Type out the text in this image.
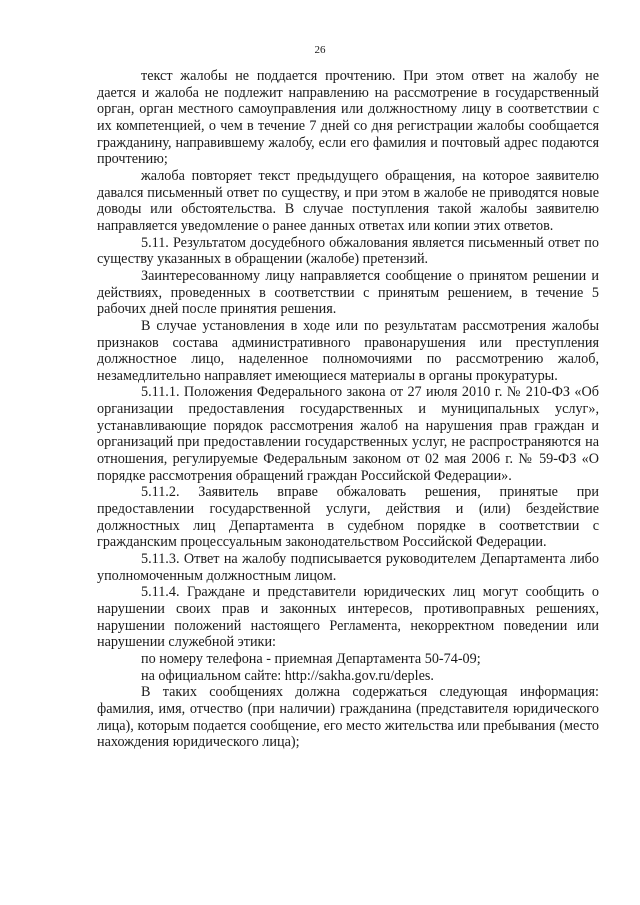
26

текст жалобы не поддается прочтению. При этом ответ на жалобу не дается и жалоба не подлежит направлению на рассмотрение в государственный орган, орган местного самоуправления или должностному лицу в соответствии с их компетенцией, о чем в течение 7 дней со дня регистрации жалобы сообщается гражданину, направившему жалобу, если его фамилия и почтовый адрес подаются прочтению;

жалоба повторяет текст предыдущего обращения, на которое заявителю давался письменный ответ по существу, и при этом в жалобе не приводятся новые доводы или обстоятельства. В случае поступления такой жалобы заявителю направляется уведомление о ранее данных ответах или копии этих ответов.

5.11. Результатом досудебного обжалования является письменный ответ по существу указанных в обращении (жалобе) претензий.

Заинтересованному лицу направляется сообщение о принятом решении и действиях, проведенных в соответствии с принятым решением, в течение 5 рабочих дней после принятия решения.

В случае установления в ходе или по результатам рассмотрения жалобы признаков состава административного правонарушения или преступления должностное лицо, наделенное полномочиями по рассмотрению жалоб, незамедлительно направляет имеющиеся материалы в органы прокуратуры.

5.11.1. Положения Федерального закона от 27 июля 2010 г. № 210-ФЗ «Об организации предоставления государственных и муниципальных услуг», устанавливающие порядок рассмотрения жалоб на нарушения прав граждан и организаций при предоставлении государственных услуг, не распространяются на отношения, регулируемые Федеральным законом от 02 мая 2006 г. № 59-ФЗ «О порядке рассмотрения обращений граждан Российской Федерации».

5.11.2. Заявитель вправе обжаловать решения, принятые при предоставлении государственной услуги, действия и (или) бездействие должностных лиц Департамента в судебном порядке в соответствии с гражданским процессуальным законодательством Российской Федерации.

5.11.3. Ответ на жалобу подписывается руководителем Департамента либо уполномоченным должностным лицом.

5.11.4. Граждане и представители юридических лиц могут сообщить о нарушении своих прав и законных интересов, противоправных решениях, нарушении положений настоящего Регламента, некорректном поведении или нарушении служебной этики:

по номеру телефона - приемная Департамента 50-74-09;

на официальном сайте: http://sakha.gov.ru/deples.

В таких сообщениях должна содержаться следующая информация: фамилия, имя, отчество (при наличии) гражданина (представителя юридического лица), которым подается сообщение, его место жительства или пребывания (место нахождения юридического лица);
